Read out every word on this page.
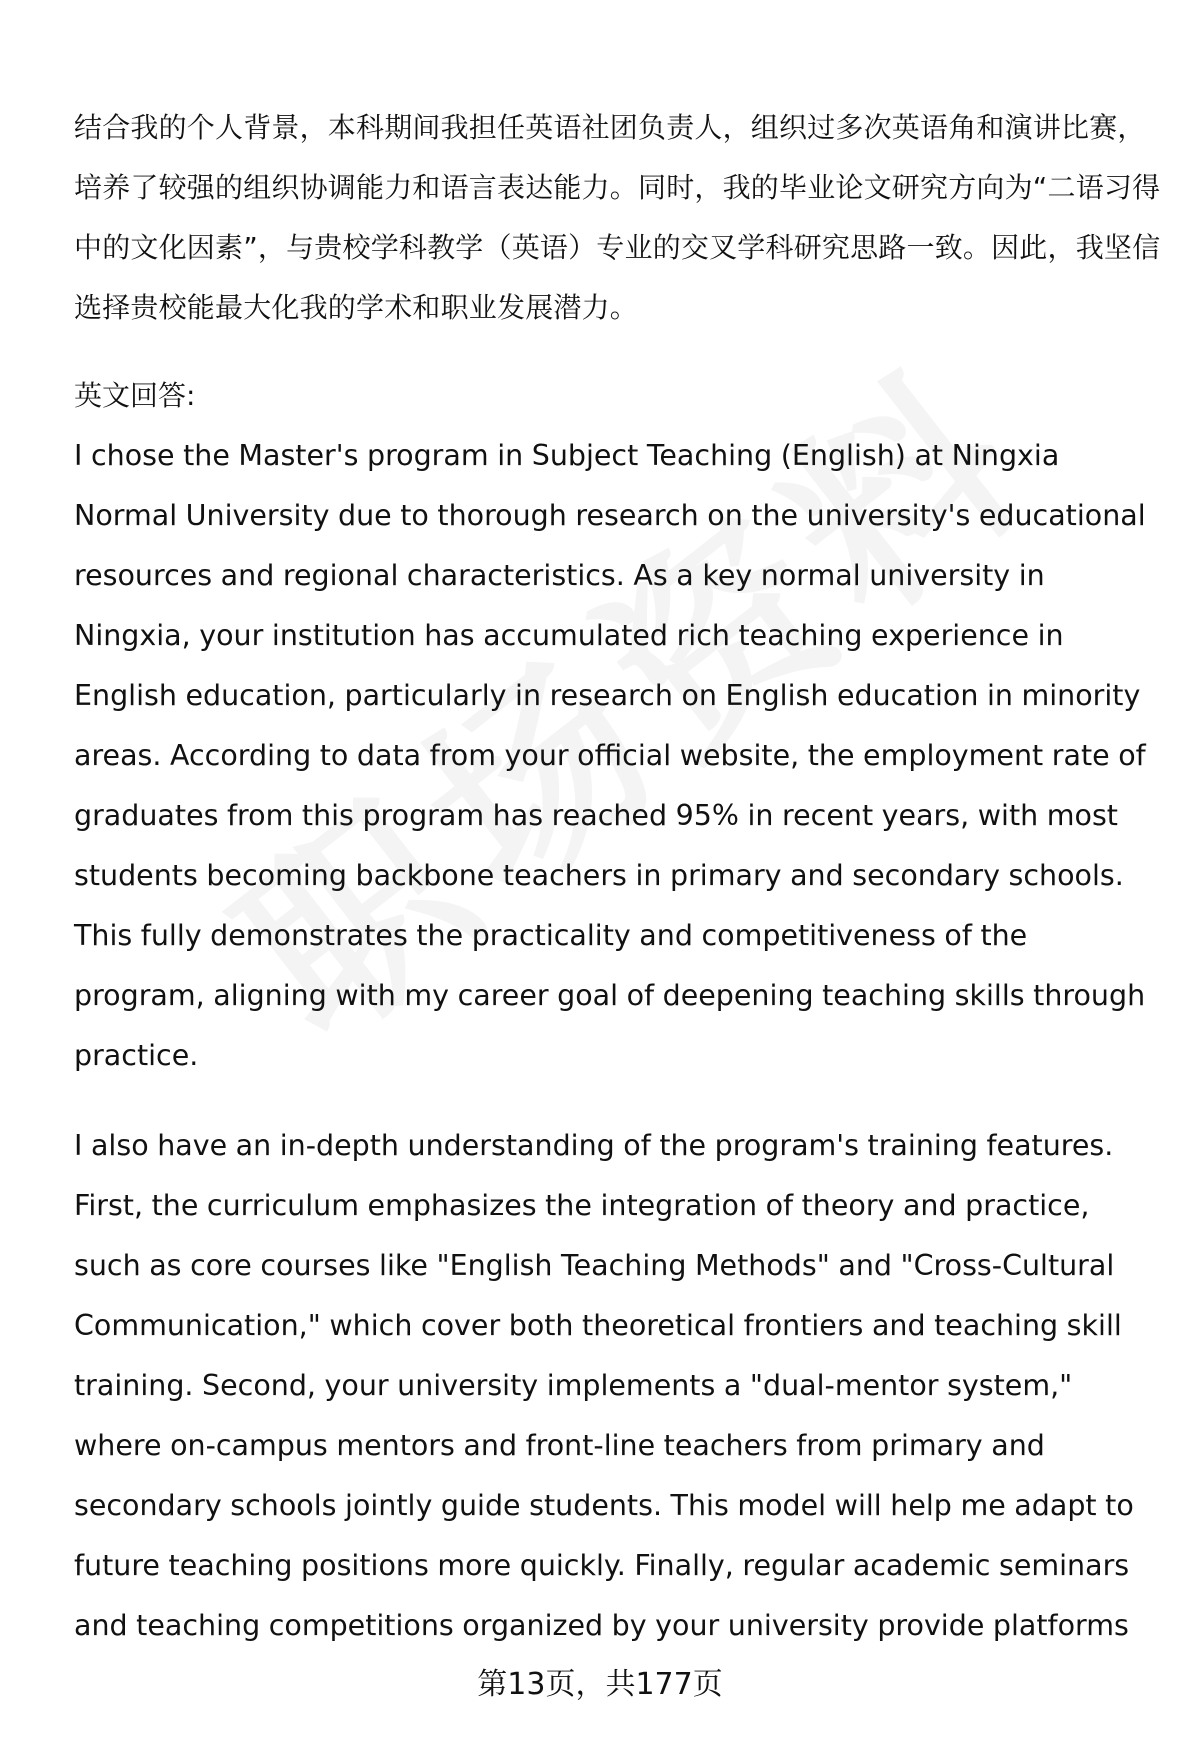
结合我的个人背景，本科期间我担任英语社团负责人，组织过多次英语角和演讲比赛，培养了较强的组织协调能力和语言表达能力。同时，我的毕业论文研究方向为“二语习得中的文化因素”，与贵校学科教学（英语）专业的交叉学科研究思路一致。因此，我坚信选择贵校能最大化我的学术和职业发展潜力。

英文回答:

I chose the Master's program in Subject Teaching (English) at Ningxia Normal University due to thorough research on the university's educational resources and regional characteristics. As a key normal university in Ningxia, your institution has accumulated rich teaching experience in English education, particularly in research on English education in minority areas. According to data from your official website, the employment rate of graduates from this program has reached 95% in recent years, with most students becoming backbone teachers in primary and secondary schools. This fully demonstrates the practicality and competitiveness of the program, aligning with my career goal of deepening teaching skills through practice.

I also have an in-depth understanding of the program's training features. First, the curriculum emphasizes the integration of theory and practice, such as core courses like "English Teaching Methods" and "Cross-Cultural Communication," which cover both theoretical frontiers and teaching skill training. Second, your university implements a "dual-mentor system," where on-campus mentors and front-line teachers from primary and secondary schools jointly guide students. This model will help me adapt to future teaching positions more quickly. Finally, regular academic seminars and teaching competitions organized by your university provide platforms

第13页，共177页
